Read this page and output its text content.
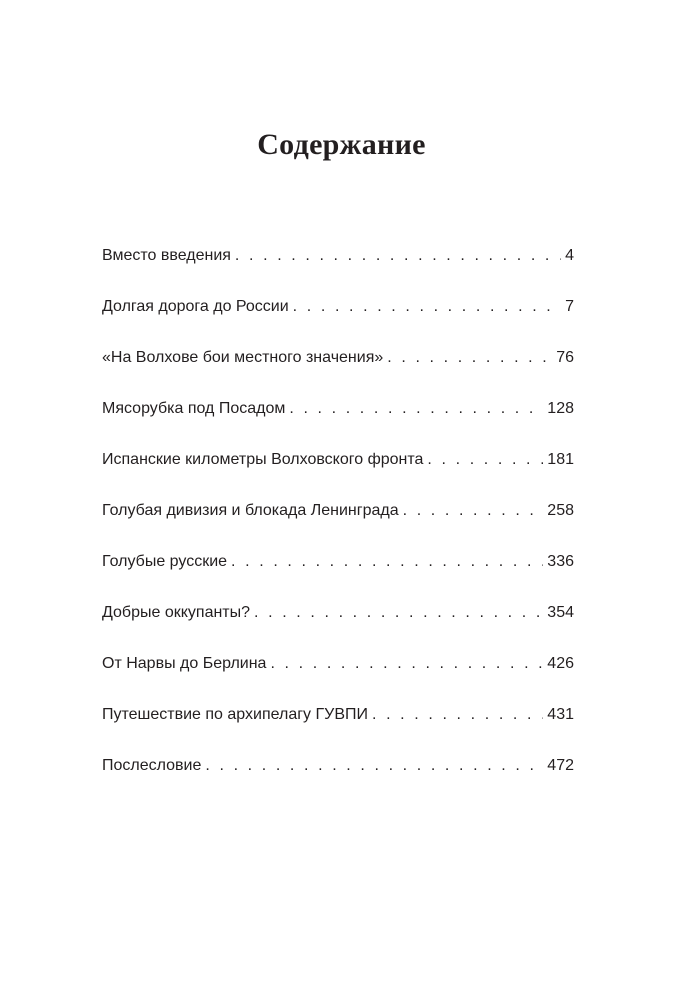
Содержание
Вместо введения . . .	4
Долгая дорога до России . . .	7
«На Волхове бои местного значения» . . .	76
Мясорубка под Посадом . . .	128
Испанские километры Волховского фронта . . .	181
Голубая дивизия и блокада Ленинграда . . .	258
Голубые русские . . .	336
Добрые оккупанты? . . .	354
От Нарвы до Берлина . . .	426
Путешествие по архипелагу ГУВПИ . . .	431
Послесловие . . .	472
